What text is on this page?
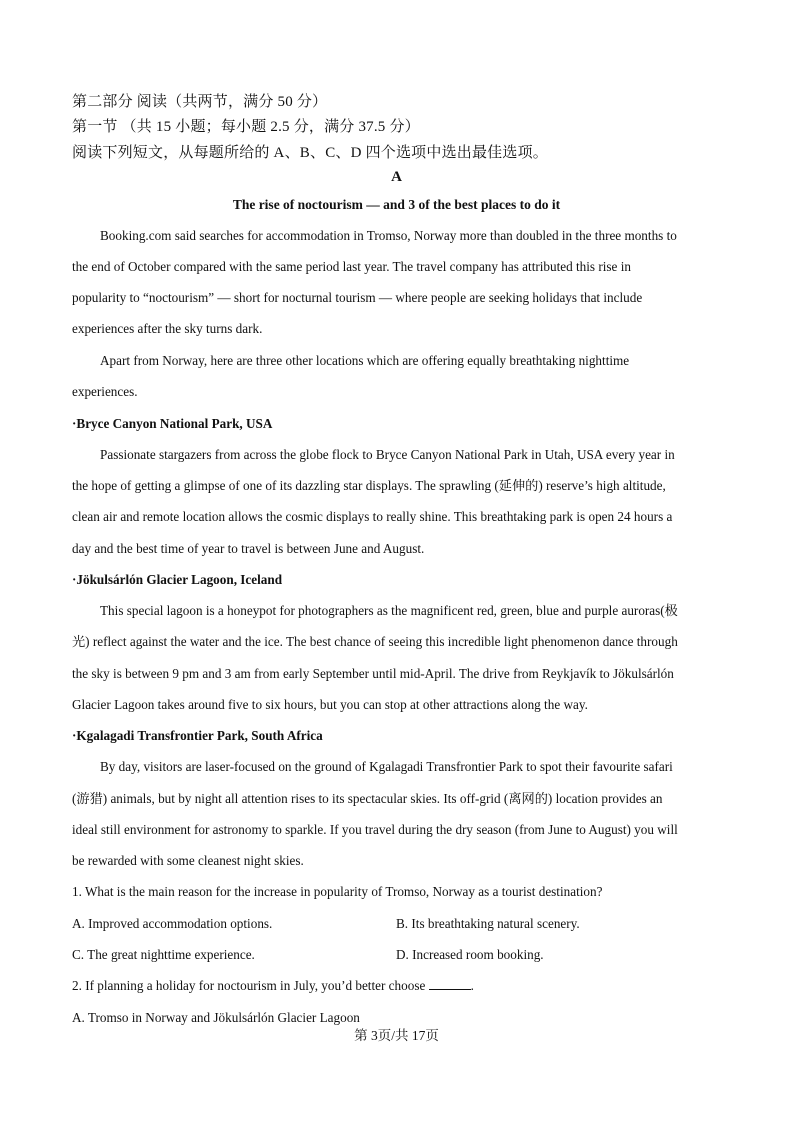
第二部分 阅读（共两节，满分 50 分）
第一节 （共 15 小题；每小题 2.5 分，满分 37.5 分）
阅读下列短文，从每题所给的 A、B、C、D 四个选项中选出最佳选项。
A
The rise of noctourism — and 3 of the best places to do it
Booking.com said searches for accommodation in Tromso, Norway more than doubled in the three months to
the end of October compared with the same period last year. The travel company has attributed this rise in
popularity to “noctourism” — short for nocturnal tourism — where people are seeking holidays that include
experiences after the sky turns dark.
Apart from Norway, here are three other locations which are offering equally breathtaking nighttime
experiences.
·Bryce Canyon National Park, USA
Passionate stargazers from across the globe flock to Bryce Canyon National Park in Utah, USA every year in
the hope of getting a glimpse of one of its dazzling star displays. The sprawling (延伸的) reserve’s high altitude,
clean air and remote location allows the cosmic displays to really shine. This breathtaking park is open 24 hours a
day and the best time of year to travel is between June and August.
·Jökulsárlón Glacier Lagoon, Iceland
This special lagoon is a honeypot for photographers as the magnificent red, green, blue and purple auroras(极
光) reflect against the water and the ice. The best chance of seeing this incredible light phenomenon dance through
the sky is between 9 pm and 3 am from early September until mid-April. The drive from Reykjavík to Jökulsárlón
Glacier Lagoon takes around five to six hours, but you can stop at other attractions along the way.
·Kgalagadi Transfrontier Park, South Africa
By day, visitors are laser-focused on the ground of Kgalagadi Transfrontier Park to spot their favourite safari
(游猎) animals, but by night all attention rises to its spectacular skies. Its off-grid (离网的) location provides an
ideal still environment for astronomy to sparkle. If you travel during the dry season (from June to August) you will
be rewarded with some cleanest night skies.
1. What is the main reason for the increase in popularity of Tromso, Norway as a tourist destination?
A. Improved accommodation options.	B. Its breathtaking natural scenery.
C. The great nighttime experience.	D. Increased room booking.
2. If planning a holiday for noctourism in July, you’d better choose	.
A. Tromso in Norway and Jökulsárlón Glacier Lagoon
第 3页/共 17页
